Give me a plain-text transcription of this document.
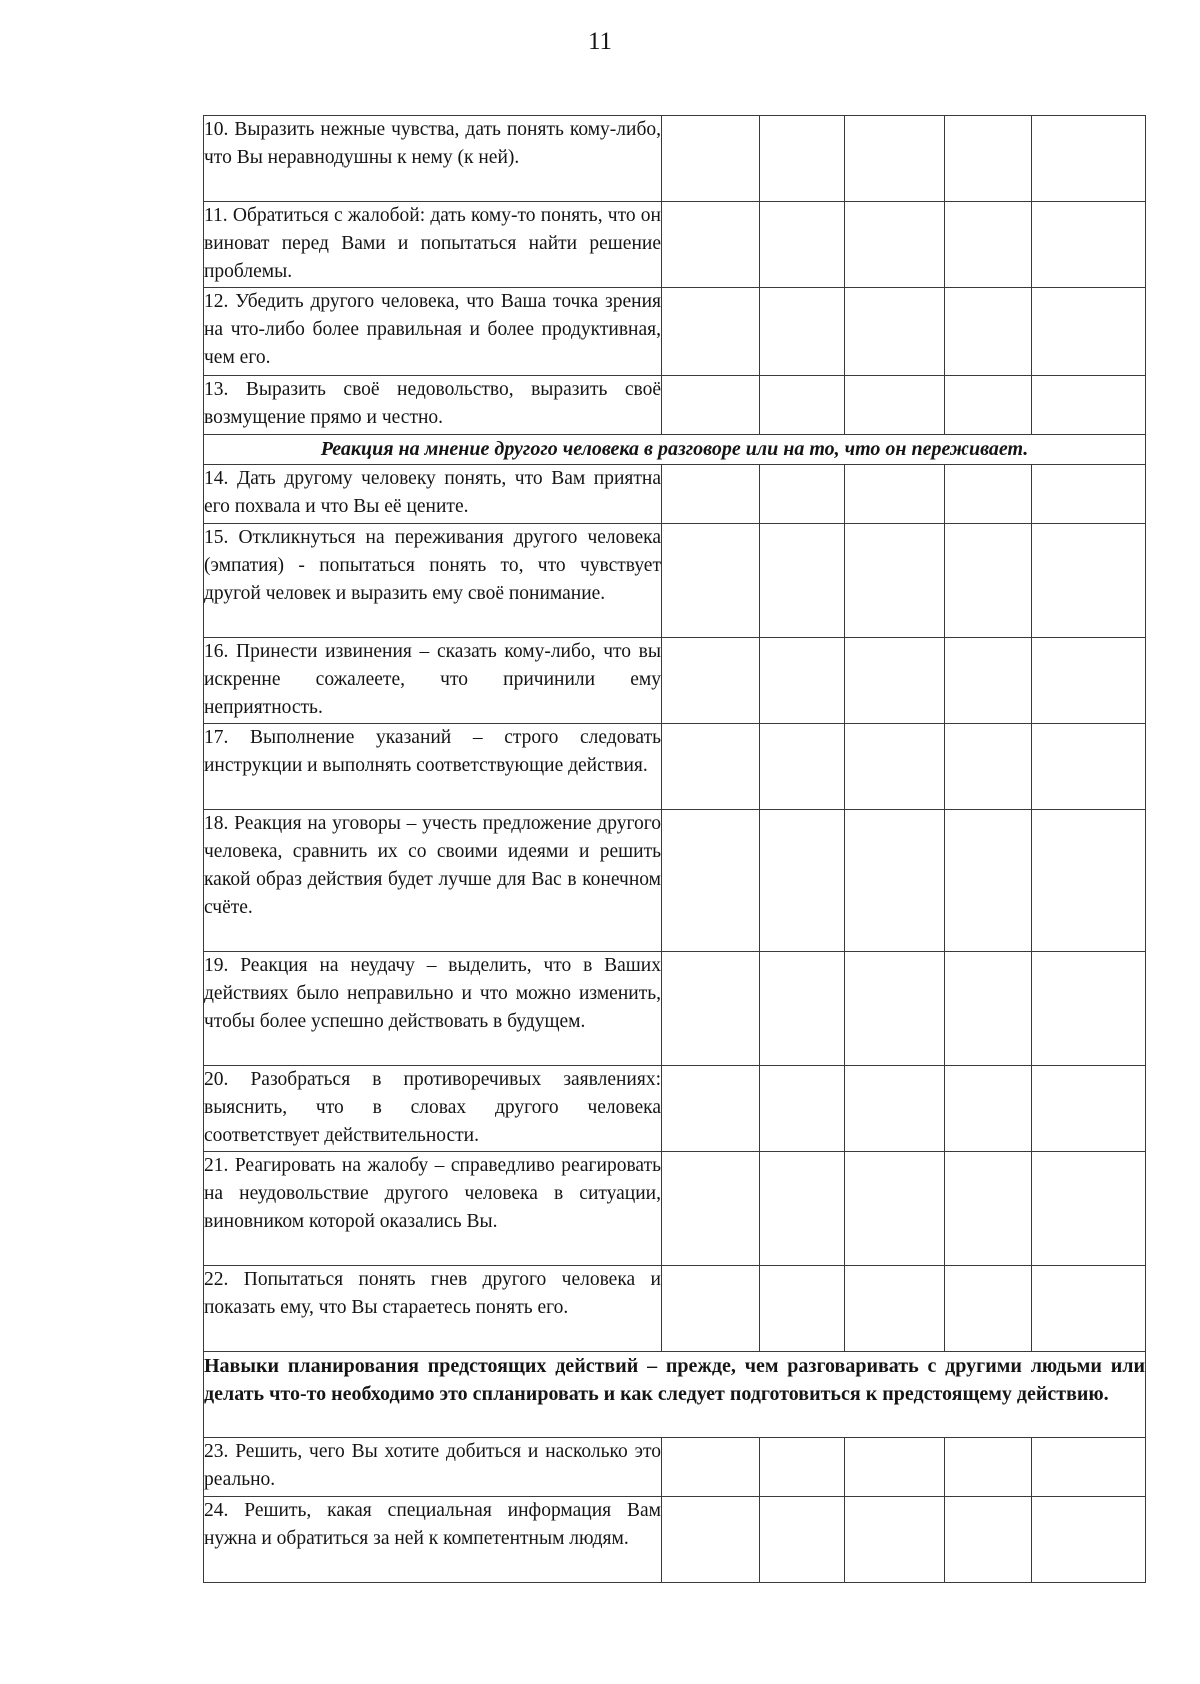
11
10. Выразить нежные чувства, дать понять кому-либо, что Вы неравнодушны к нему (к ней).					

11. Обратиться с жалобой: дать кому-то понять, что он виноват перед Вами и попытаться найти решение проблемы.					

12. Убедить другого человека, что Ваша точка зрения на что-либо более правильная и более продуктивная, чем его.					

13. Выразить своё недовольство, выразить своё возмущение прямо и честно.					

Реакция на мнение другого человека в разговоре или на то, что он переживает.					

14. Дать другому человеку понять, что Вам приятна его похвала и что Вы её цените.					

15. Откликнуться на переживания другого человека (эмпатия) - попытаться понять то, что чувствует другой человек и выразить ему своё понимание.					

16. Принести извинения – сказать кому-либо, что вы искренне сожалеете, что причинили ему неприятность.					

17. Выполнение указаний – строго следовать инструкции и выполнять соответствующие действия.					

18. Реакция на уговоры – учесть предложение другого человека, сравнить их со своими идеями и решить какой образ действия будет лучше для Вас в конечном счёте.					

19. Реакция на неудачу – выделить, что в Ваших действиях было неправильно и что можно изменить, чтобы более успешно действовать в будущем.					

20. Разобраться в противоречивых заявлениях: выяснить, что в словах другого человека соответствует действительности.					

21. Реагировать на жалобу – справедливо реагировать на неудовольствие другого человека в ситуации, виновником которой оказались Вы.					

22. Попытаться понять гнев другого человека и показать ему, что Вы стараетесь понять его.					

Навыки планирования предстоящих действий – прежде, чем разговаривать с другими людьми или делать что-то необходимо это спланировать и как следует подготовиться к предстоящему действию.					

23. Решить, чего Вы хотите добиться и насколько это реально.					

24. Решить, какая специальная информация Вам нужна и обратиться за ней к компетентным людям.					
